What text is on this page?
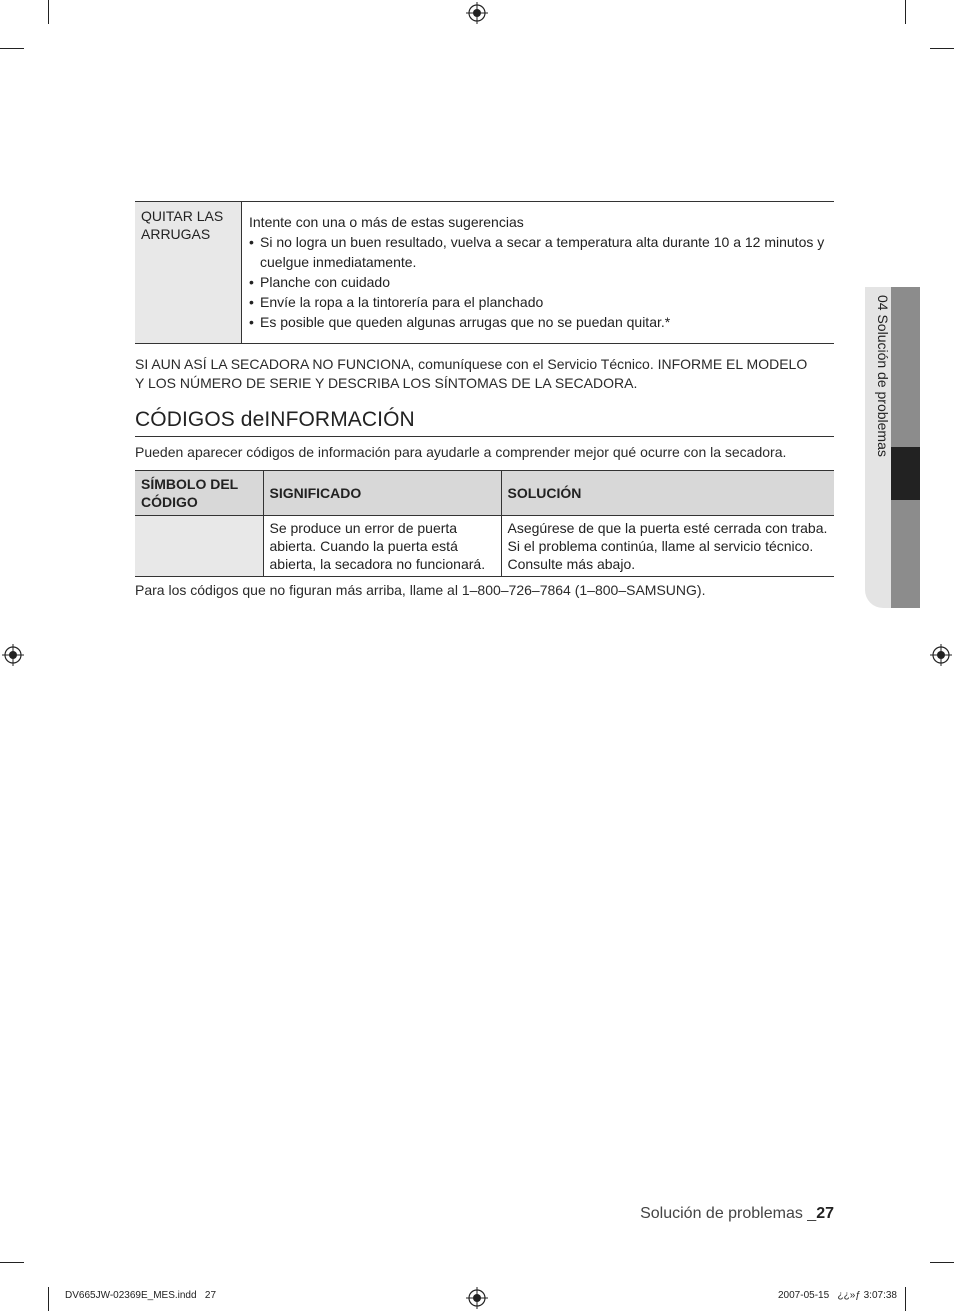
04 Solución de problemas
QUITAR LAS ARRUGAS
Intente con una o más de estas sugerencias
• Si no logra un buen resultado, vuelva a secar a temperatura alta durante 10 a 12 minutos y cuelgue inmediatamente.
• Planche con cuidado
• Envíe la ropa a la tintorería para el planchado
• Es posible que queden algunas arrugas que no se puedan quitar.*
SI AUN ASÍ LA SECADORA NO FUNCIONA, comuníquese con el Servicio Técnico. INFORME EL MODELO
Y LOS NÚMERO DE SERIE Y DESCRIBA LOS SÍNTOMAS DE LA SECADORA.
CÓDIGOS deINFORMACIÓN
Pueden aparecer códigos de información para ayudarle a comprender mejor qué ocurre con la secadora.
SÍMBOLO DEL CÓDIGO	SIGNIFICADO	SOLUCIÓN
	Se produce un error de puerta abierta. Cuando la puerta está abierta, la secadora no funcionará.	Asegúrese de que la puerta esté cerrada con traba. Si el problema continúa, llame al servicio técnico. Consulte más abajo.
Para los códigos que no figuran más arriba, llame al 1–800–726–7864 (1–800–SAMSUNG).
Solución de problemas _27
DV665JW-02369E_MES.indd   27	2007-05-15   ¿¿»ƒ 3:07:38
